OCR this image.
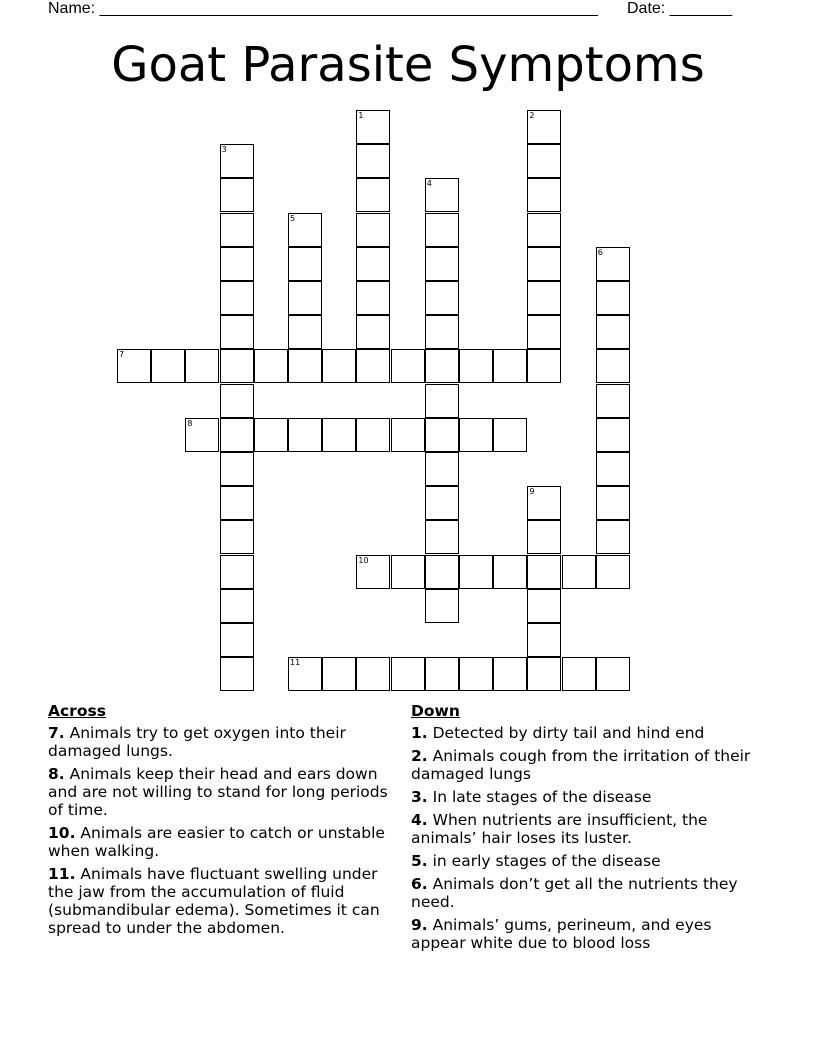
Name: ________________________________________________________ Date: _______
Goat Parasite Symptoms
1	2
3
4
5
6
7
8
9
10
11
Across
7. Animals try to get oxygen into their damaged lungs.
8. Animals keep their head and ears down and are not willing to stand for long periods of time.
10. Animals are easier to catch or unstable when walking.
11. Animals have fluctuant swelling under the jaw from the accumulation of fluid (submandibular edema). Sometimes it can spread to under the abdomen.
Down
1. Detected by dirty tail and hind end
2. Animals cough from the irritation of their damaged lungs
3. In late stages of the disease
4. When nutrients are insufficient, the animals’ hair loses its luster.
5. in early stages of the disease
6. Animals don’t get all the nutrients they need.
9. Animals’ gums, perineum, and eyes appear white due to blood loss
